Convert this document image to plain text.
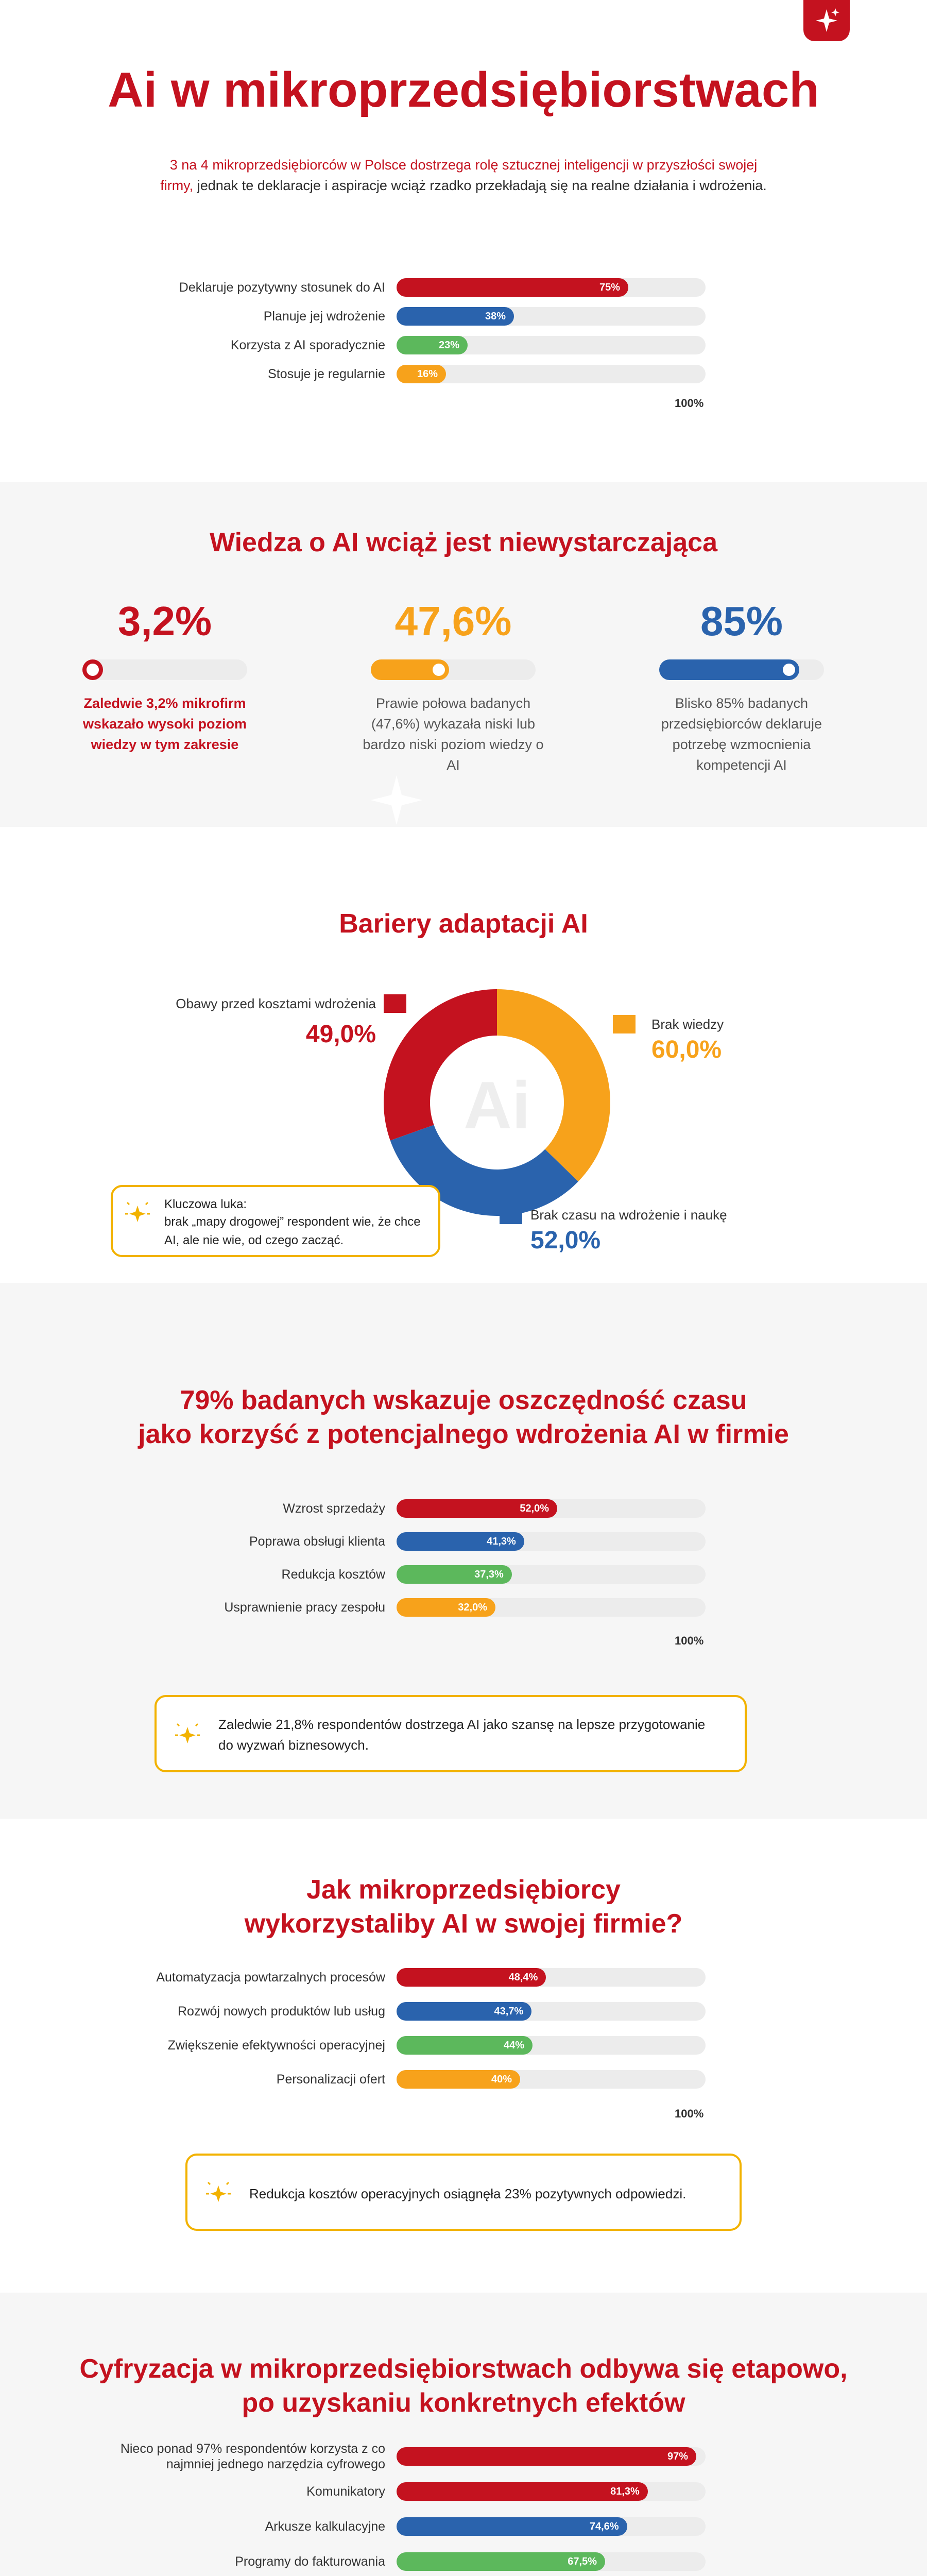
Ai w mikroprzedsiębiorstwach
3 na 4 mikroprzedsiębiorców w Polsce dostrzega rolę sztucznej inteligencji w przyszłości swojej firmy, jednak te deklaracje i aspiracje wciąż rzadko przekładają się na realne działania i wdrożenia.
Deklaruje pozytywny stosunek do AI	75%
Planuje jej wdrożenie	38%
Korzysta z AI sporadycznie	23%
Stosuje je regularnie	16%
100%
Wiedza o AI wciąż jest niewystarczająca
3,2%
Zaledwie 3,2% mikrofirm wskazało wysoki poziom wiedzy w tym zakresie
47,6%
Prawie połowa badanych (47,6%) wykazała niski lub bardzo niski poziom wiedzy o AI
85%
Blisko 85% badanych przedsiębiorców deklaruje potrzebę wzmocnienia kompetencji AI
Bariery adaptacji AI
Ai
Obawy przed kosztami wdrożenia
49,0%	Brak wiedzy
60,0%
Brak czasu na wdrożenie i naukę
52,0%
Kluczowa luka:
brak „mapy drogowej” respondent wie, że chce AI, ale nie wie, od czego zacząć.
79% badanych wskazuje oszczędność czasu
jako korzyść z potencjalnego wdrożenia AI w firmie
Wzrost sprzedaży	52,0%
Poprawa obsługi klienta	41,3%
Redukcja kosztów	37,3%
Usprawnienie pracy zespołu	32,0%
100%
Zaledwie 21,8% respondentów dostrzega AI jako szansę na lepsze przygotowanie do wyzwań biznesowych.
Jak mikroprzedsiębiorcy
wykorzystaliby AI w swojej firmie?
Automatyzacja powtarzalnych procesów	48,4%
Rozwój nowych produktów lub usług	43,7%
Zwiększenie efektywności operacyjnej	44%
Personalizacji ofert	40%
100%
Redukcja kosztów operacyjnych osiągnęła 23% pozytywnych odpowiedzi.
Cyfryzacja w mikroprzedsiębiorstwach odbywa się etapowo,
po uzyskaniu konkretnych efektów
Nieco ponad 97% respondentów korzysta z co najmniej jednego narzędzia cyfrowego
97%
Komunikatory	81,3%
Arkusze kalkulacyjne	74,6%
Programy do fakturowania	67,5%
